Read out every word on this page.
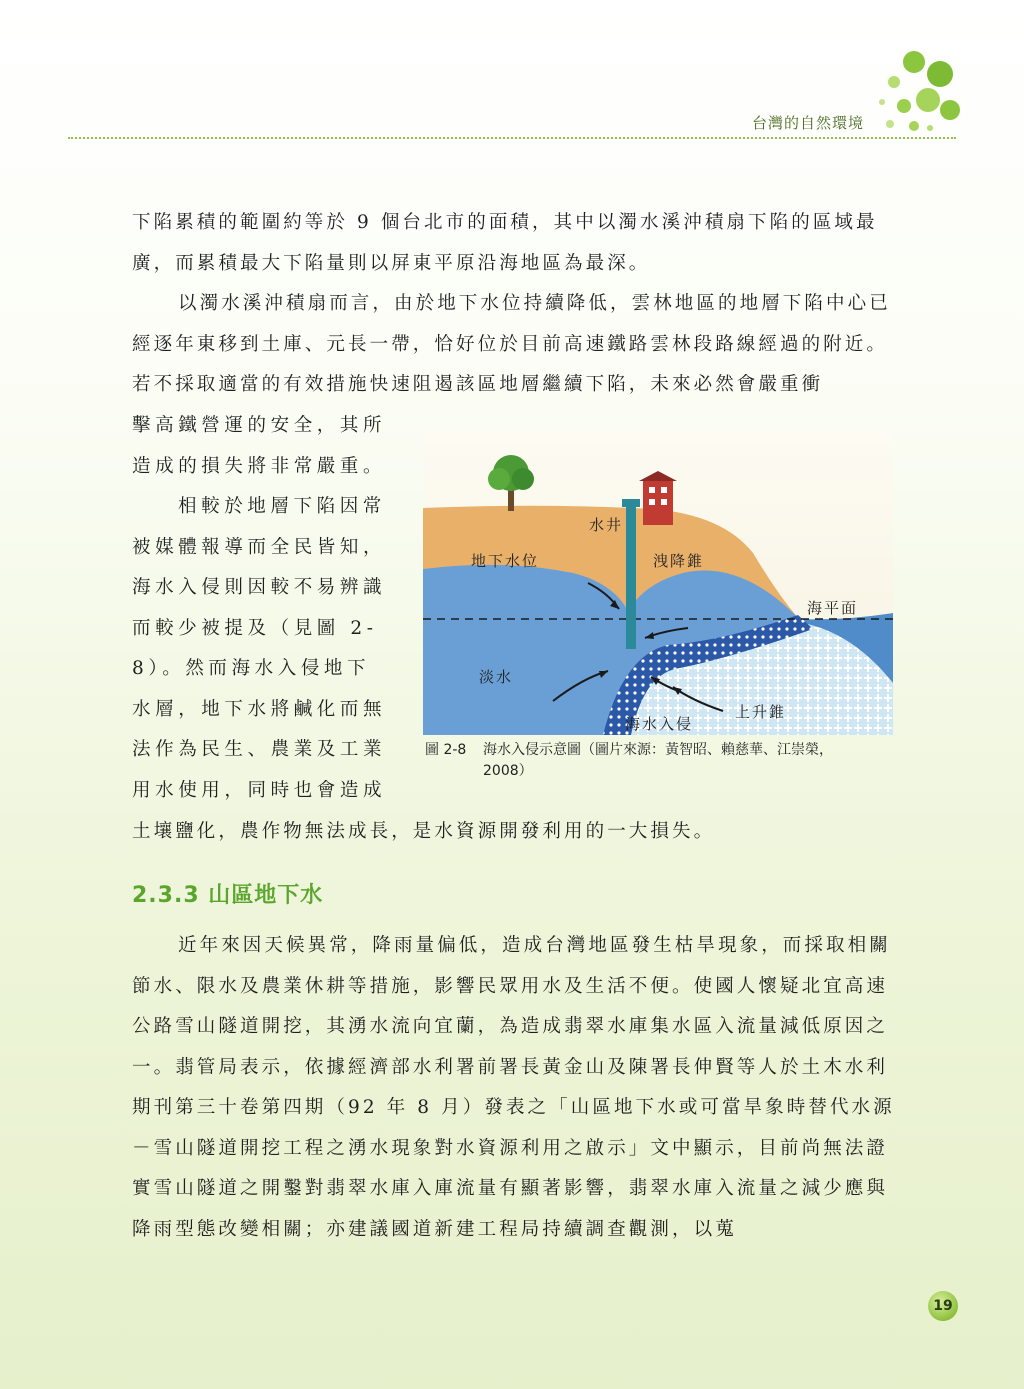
台灣的自然環境

下陷累積的範圍約等於 9 個台北市的面積，其中以濁水溪沖積扇下陷的區域最廣，而累積最大下陷量則以屏東平原沿海地區為最深。

以濁水溪沖積扇而言，由於地下水位持續降低，雲林地區的地層下陷中心已經逐年東移到土庫、元長一帶，恰好位於目前高速鐵路雲林段路線經過的附近。若不採取適當的有效措施快速阻遏該區地層繼續下陷，未來必然會嚴重衝

擊高鐵營運的安全，其所造成的損失將非常嚴重。

相較於地層下陷因常被媒體報導而全民皆知，海水入侵則因較不易辨識而較少被提及（見圖 2-8）。然而海水入侵地下水層，地下水將鹹化而無法作為民生、農業及工業用水使用，同時也會造成

水井
地下水位	洩降錐
海平面
淡水
上升錐
海水入侵
圖 2-8 海水入侵示意圖（圖片來源：黃智昭、賴慈華、江崇榮，
2008）

土壤鹽化，農作物無法成長，是水資源開發利用的一大損失。

2.3.3 山區地下水

近年來因天候異常，降雨量偏低，造成台灣地區發生枯旱現象，而採取相關節水、限水及農業休耕等措施，影響民眾用水及生活不便。使國人懷疑北宜高速公路雪山隧道開挖，其湧水流向宜蘭，為造成翡翠水庫集水區入流量減低原因之一。翡管局表示，依據經濟部水利署前署長黃金山及陳署長伸賢等人於土木水利期刊第三十卷第四期（92 年 8 月）發表之「山區地下水或可當旱象時替代水源－雪山隧道開挖工程之湧水現象對水資源利用之啟示」文中顯示，目前尚無法證實雪山隧道之開鑿對翡翠水庫入庫流量有顯著影響，翡翠水庫入流量之減少應與降雨型態改變相關；亦建議國道新建工程局持續調查觀測，以蒐

19
